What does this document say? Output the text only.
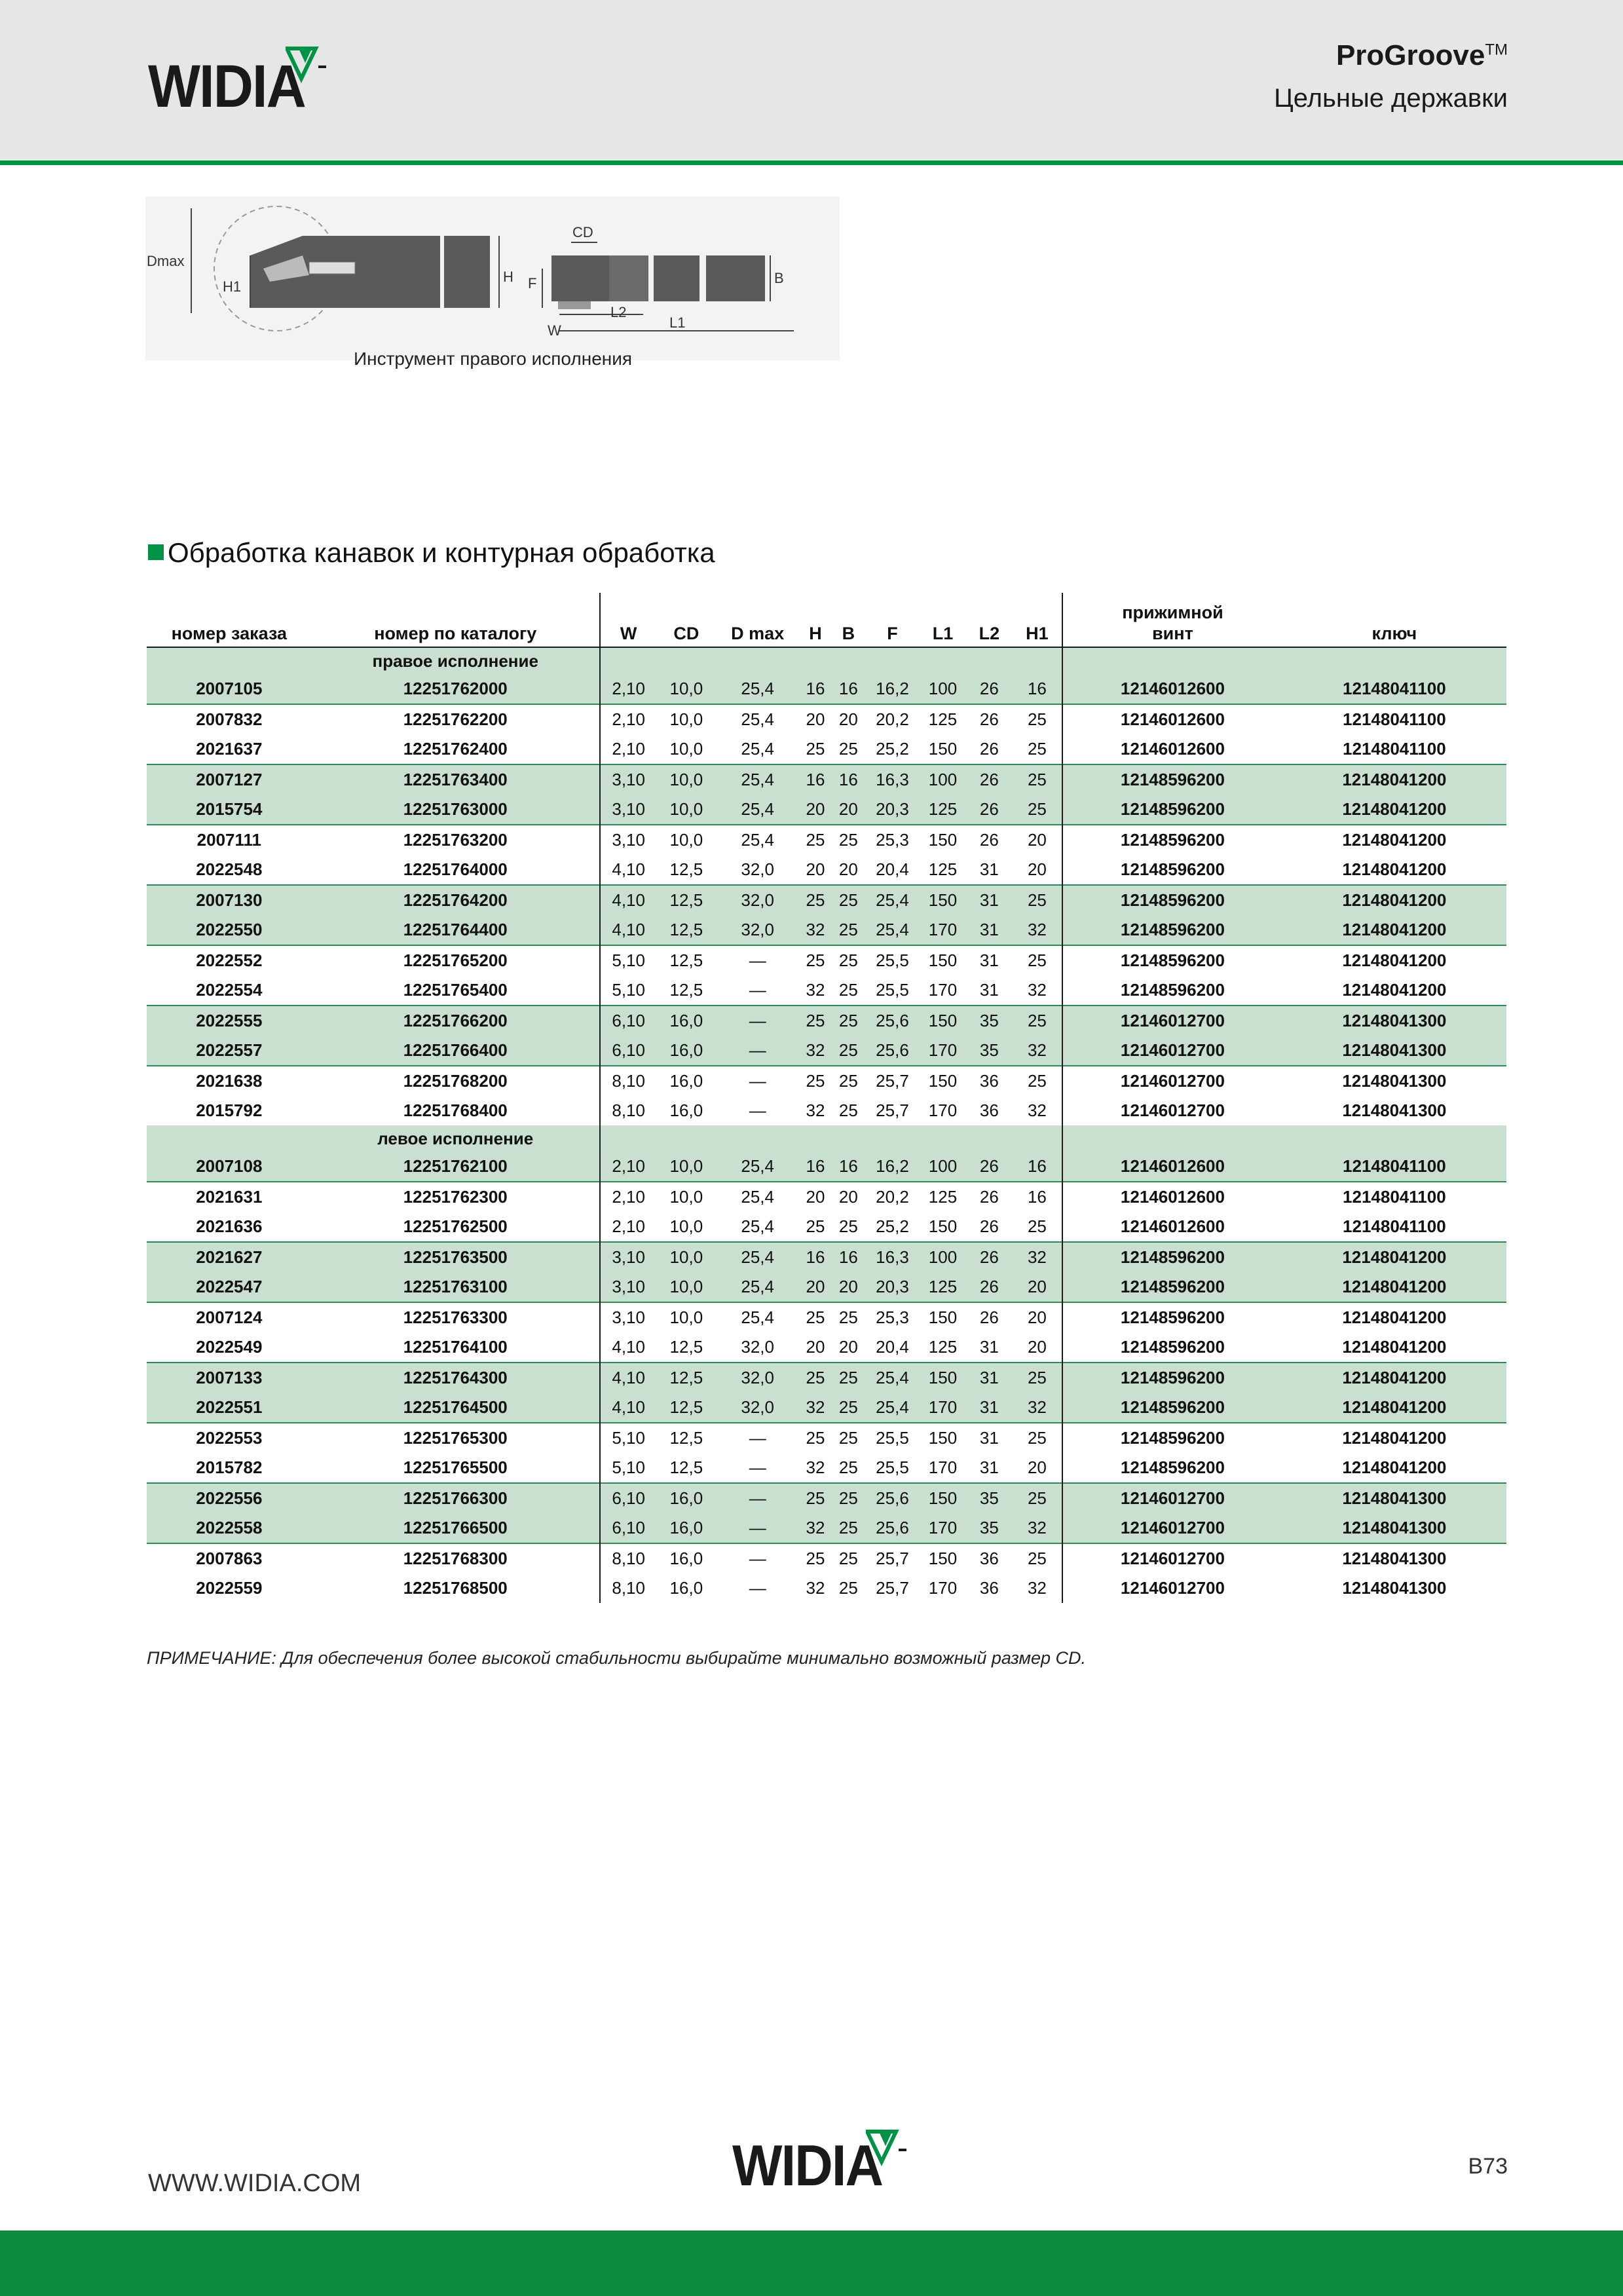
WIDIA	ProGroove™
Цельные державки
Dmax
H1
H
CD
F	B
W
L2
L1
Инструмент правого исполнения
Обработка канавок и контурная обработка
номер заказа	номер по каталогу	W	CD	D max	H	B	F	L1	L2	H1	прижимной винт	ключ
	правое исполнение											
2007105	12251762000	2,10	10,0	25,4	16	16	16,2	100	26	16	12146012600	12148041100
2007832	12251762200	2,10	10,0	25,4	20	20	20,2	125	26	25	12146012600	12148041100
2021637	12251762400	2,10	10,0	25,4	25	25	25,2	150	26	25	12146012600	12148041100
2007127	12251763400	3,10	10,0	25,4	16	16	16,3	100	26	25	12148596200	12148041200
2015754	12251763000	3,10	10,0	25,4	20	20	20,3	125	26	25	12148596200	12148041200
2007111	12251763200	3,10	10,0	25,4	25	25	25,3	150	26	20	12148596200	12148041200
2022548	12251764000	4,10	12,5	32,0	20	20	20,4	125	31	20	12148596200	12148041200
2007130	12251764200	4,10	12,5	32,0	25	25	25,4	150	31	25	12148596200	12148041200
2022550	12251764400	4,10	12,5	32,0	32	25	25,4	170	31	32	12148596200	12148041200
2022552	12251765200	5,10	12,5	—	25	25	25,5	150	31	25	12148596200	12148041200
2022554	12251765400	5,10	12,5	—	32	25	25,5	170	31	32	12148596200	12148041200
2022555	12251766200	6,10	16,0	—	25	25	25,6	150	35	25	12146012700	12148041300
2022557	12251766400	6,10	16,0	—	32	25	25,6	170	35	32	12146012700	12148041300
2021638	12251768200	8,10	16,0	—	25	25	25,7	150	36	25	12146012700	12148041300
2015792	12251768400	8,10	16,0	—	32	25	25,7	170	36	32	12146012700	12148041300
	левое исполнение											
2007108	12251762100	2,10	10,0	25,4	16	16	16,2	100	26	16	12146012600	12148041100
2021631	12251762300	2,10	10,0	25,4	20	20	20,2	125	26	16	12146012600	12148041100
2021636	12251762500	2,10	10,0	25,4	25	25	25,2	150	26	25	12146012600	12148041100
2021627	12251763500	3,10	10,0	25,4	16	16	16,3	100	26	32	12148596200	12148041200
2022547	12251763100	3,10	10,0	25,4	20	20	20,3	125	26	20	12148596200	12148041200
2007124	12251763300	3,10	10,0	25,4	25	25	25,3	150	26	20	12148596200	12148041200
2022549	12251764100	4,10	12,5	32,0	20	20	20,4	125	31	20	12148596200	12148041200
2007133	12251764300	4,10	12,5	32,0	25	25	25,4	150	31	25	12148596200	12148041200
2022551	12251764500	4,10	12,5	32,0	32	25	25,4	170	31	32	12148596200	12148041200
2022553	12251765300	5,10	12,5	—	25	25	25,5	150	31	25	12148596200	12148041200
2015782	12251765500	5,10	12,5	—	32	25	25,5	170	31	20	12148596200	12148041200
2022556	12251766300	6,10	16,0	—	25	25	25,6	150	35	25	12146012700	12148041300
2022558	12251766500	6,10	16,0	—	32	25	25,6	170	35	32	12146012700	12148041300
2007863	12251768300	8,10	16,0	—	25	25	25,7	150	36	25	12146012700	12148041300
2022559	12251768500	8,10	16,0	—	32	25	25,7	170	36	32	12146012700	12148041300
ПРИМЕЧАНИЕ: Для обеспечения более высокой стабильности выбирайте минимально возможный размер CD.
WWW.WIDIA.COM	WIDIA	B73
